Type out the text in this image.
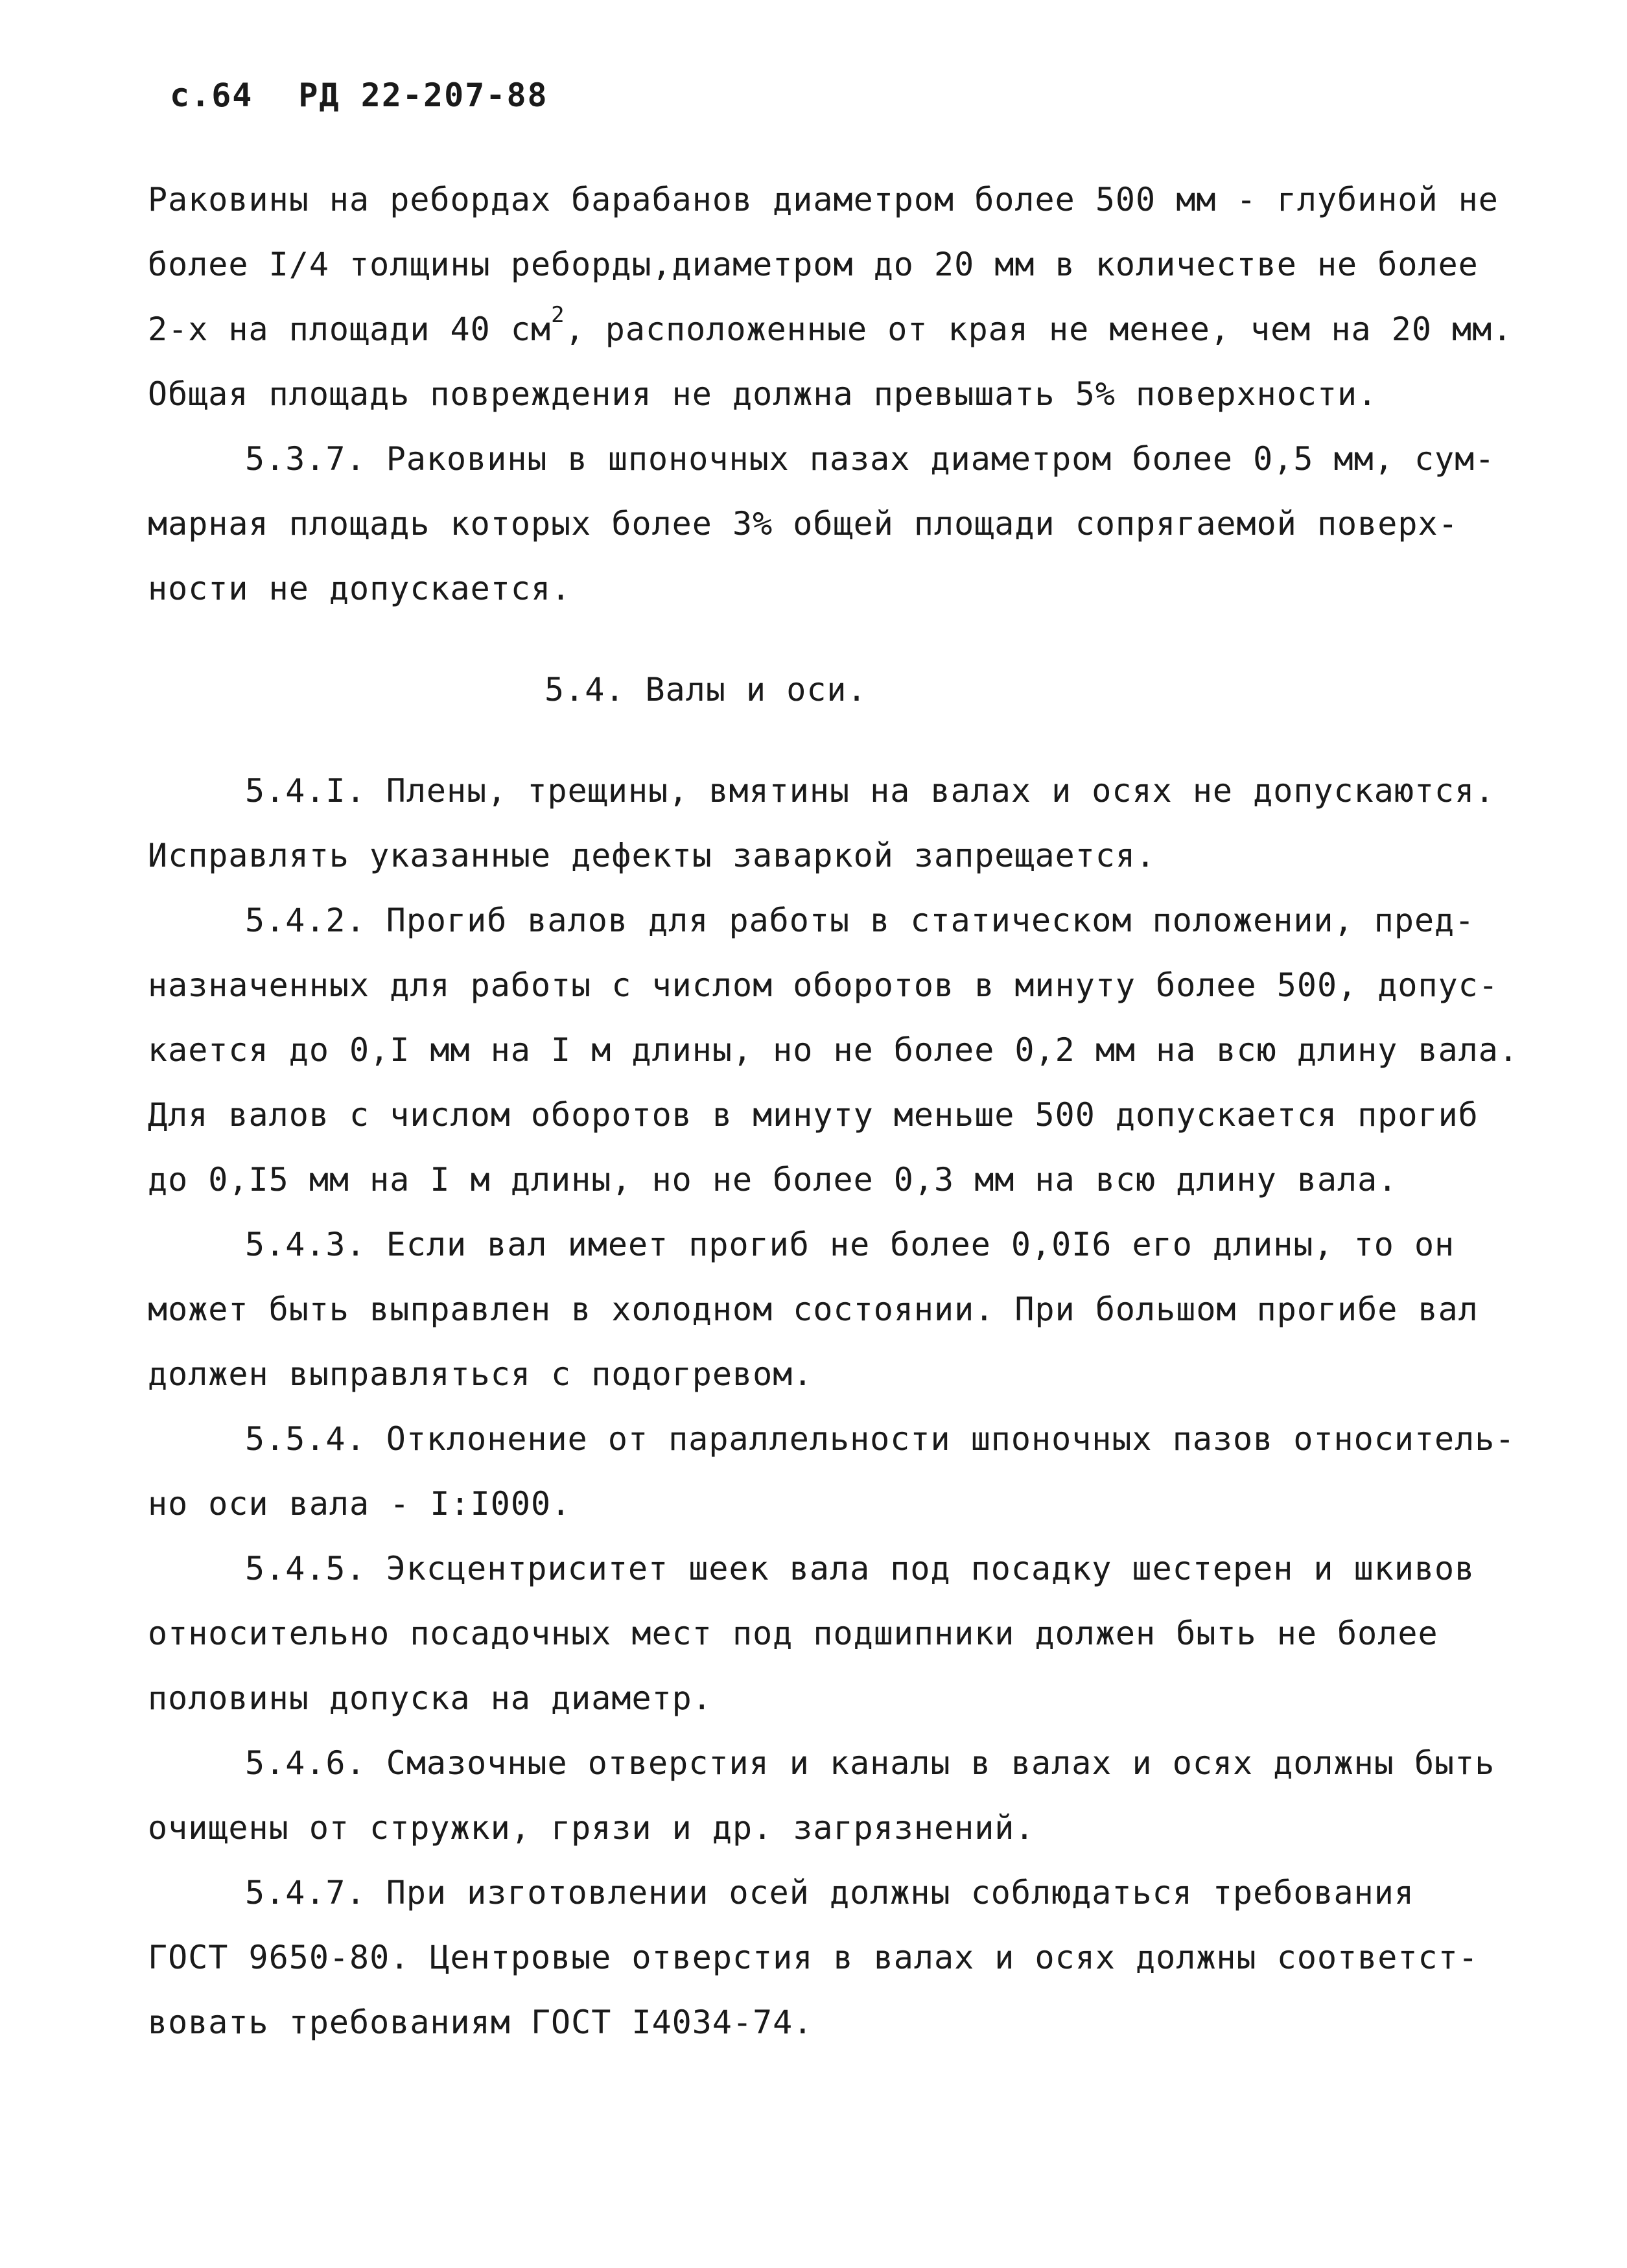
с.64 РД 22-207-88
Раковины на ребордах барабанов диаметром более 500 мм - глубиной не
более I/4 толщины реборды,диаметром до 20 мм в количестве не более
2-х на площади 40 $см^2$, расположенные от края не менее, чем на 20 мм.
Общая площадь повреждения не должна превышать 5% поверхности.
5.3.7. Раковины в шпоночных пазах диаметром более 0,5 мм, сум-
марная площадь которых более 3% общей площади сопрягаемой поверх-
ности не допускается.
5.4. Валы и оси.
5.4.I. Плены, трещины, вмятины на валах и осях не допускаются.
Исправлять указанные дефекты заваркой запрещается.
5.4.2. Прогиб валов для работы в статическом положении, пред-
назначенных для работы с числом оборотов в минуту более 500, допус-
кается до 0,I мм на I м длины, но не более 0,2 мм на всю длину вала.
Для валов с числом оборотов в минуту меньше 500 допускается прогиб
до 0,I5 мм на I м длины, но не более 0,3 мм на всю длину вала.
5.4.3. Если вал имеет прогиб не более 0,0I6 его длины, то он
может быть выправлен в холодном состоянии. При большом прогибе вал
должен выправляться с подогревом.
5.5.4. Отклонение от параллельности шпоночных пазов относитель-
но оси вала - I:I000.
5.4.5. Эксцентриситет шеек вала под посадку шестерен и шкивов
относительно посадочных мест под подшипники должен быть не более
половины допуска на диаметр.
5.4.6. Смазочные отверстия и каналы в валах и осях должны быть
очищены от стружки, грязи и др. загрязнений.
5.4.7. При изготовлении осей должны соблюдаться требования
ГОСТ 9650-80. Центровые отверстия в валах и осях должны соответст-
вовать требованиям ГОСТ I4034-74.
